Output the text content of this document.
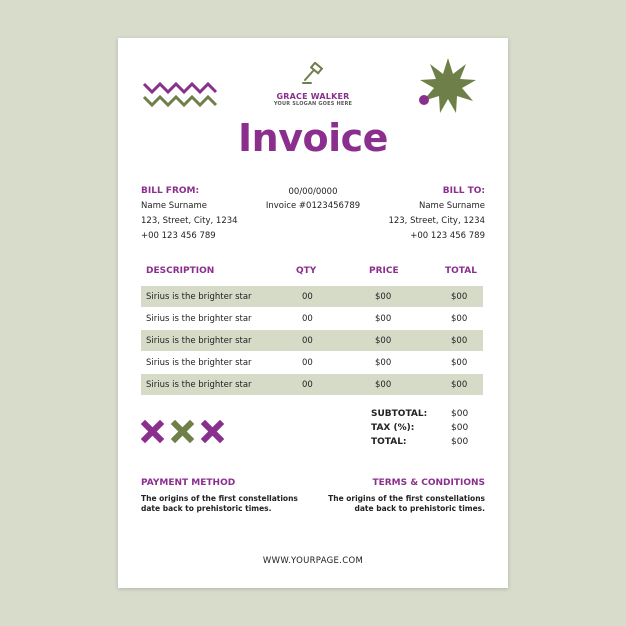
GRACE WALKER
YOUR SLOGAN GOES HERE
Invoice
BILL FROM:
Name Surname
123, Street, City, 1234
+00 123 456 789
00/00/0000
Invoice #0123456789
BILL TO:
Name Surname
123, Street, City, 1234
+00 123 456 789
DESCRIPTION	QTY	PRICE	TOTAL
Sirius is the brighter star	00	$00	$00
Sirius is the brighter star	00	$00	$00
Sirius is the brighter star	00	$00	$00
Sirius is the brighter star	00	$00	$00
Sirius is the brighter star	00	$00	$00
SUBTOTAL:	$00
TAX (%):	$00
TOTAL:	$00
PAYMENT METHOD
The origins of the first constellations date back to prehistoric times.
TERMS & CONDITIONS
The origins of the first constellations date back to prehistoric times.
WWW.YOURPAGE.COM
